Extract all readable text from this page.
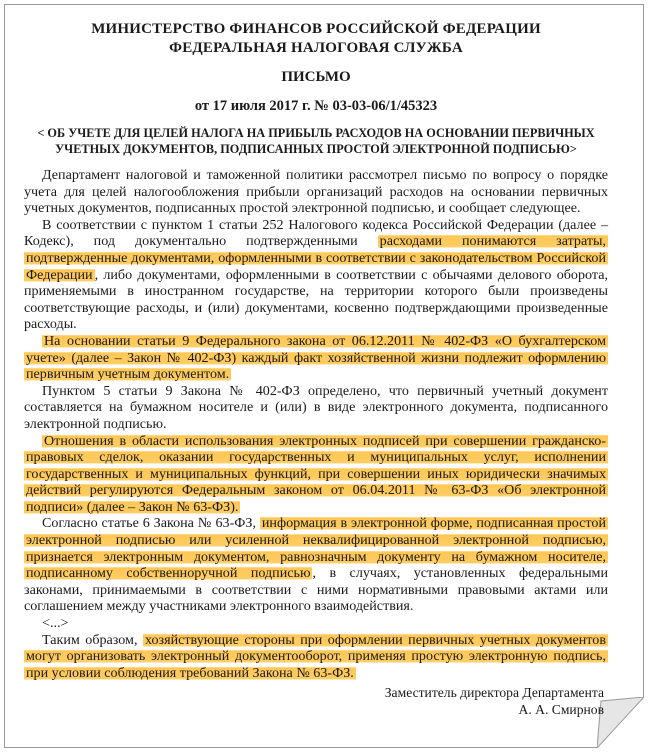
МИНИСТЕРСТВО ФИНАНСОВ РОССИЙСКОЙ ФЕДЕРАЦИИ
ФЕДЕРАЛЬНАЯ НАЛОГОВАЯ СЛУЖБА
ПИСЬМО
от 17 июля 2017 г. № 03-03-06/1/45323
< ОБ УЧЕТЕ ДЛЯ ЦЕЛЕЙ НАЛОГА НА ПРИБЫЛЬ РАСХОДОВ НА ОСНОВАНИИ ПЕРВИЧНЫХ УЧЕТНЫХ ДОКУМЕНТОВ, ПОДПИСАННЫХ ПРОСТОЙ ЭЛЕКТРОННОЙ ПОДПИСЬЮ>

Департамент налоговой и таможенной политики рассмотрел письмо по вопросу о порядке учета для целей налогообложения прибыли организаций расходов на основании первичных учетных документов, подписанных простой электронной подписью, и сообщает следующее.

В соответствии с пунктом 1 статьи 252 Налогового кодекса Российской Федерации (далее – Кодекс), под документально подтвержденными расходами понимаются затраты, подтвержденные документами, оформленными в соответствии с законодательством Российской Федерации , либо документами, оформленными в соответствии с обычаями делового оборота, применяемыми в иностранном государстве, на территории которого были произведены соответствующие расходы, и (или) документами, косвенно подтверждающими произведенные расходы.

На основании статьи 9 Федерального закона от 06.12.2011 № 402-ФЗ «О бухгалтерском учете» (далее – Закон № 402-ФЗ) каждый факт хозяйственной жизни подлежит оформлению первичным учетным документом.

Пунктом 5 статьи 9 Закона № 402-ФЗ определено, что первичный учетный документ составляется на бумажном носителе и (или) в виде электронного документа, подписанного электронной подписью.

Отношения в области использования электронных подписей при совершении гражданско-правовых сделок, оказании государственных и муниципальных услуг, исполнении государственных и муниципальных функций, при совершении иных юридически значимых действий регулируются Федеральным законом от 06.04.2011 № 63-ФЗ «Об электронной подписи» (далее – Закон № 63-ФЗ).

Согласно статье 6 Закона № 63-ФЗ, информация в электронной форме, подписанная простой электронной подписью или усиленной неквалифицированной электронной подписью, признается электронным документом, равнозначным документу на бумажном носителе, подписанному собственноручной подписью , в случаях, установленных федеральными законами, принимаемыми в соответствии с ними нормативными правовыми актами или соглашением между участниками электронного взаимодействия.

<...>

Таким образом, хозяйствующие стороны при оформлении первичных учетных документов могут организовать электронный документооборот, применяя простую электронную подпись, при условии соблюдения требований Закона № 63-ФЗ.

Заместитель директора Департамента
А. А. Смирнов
